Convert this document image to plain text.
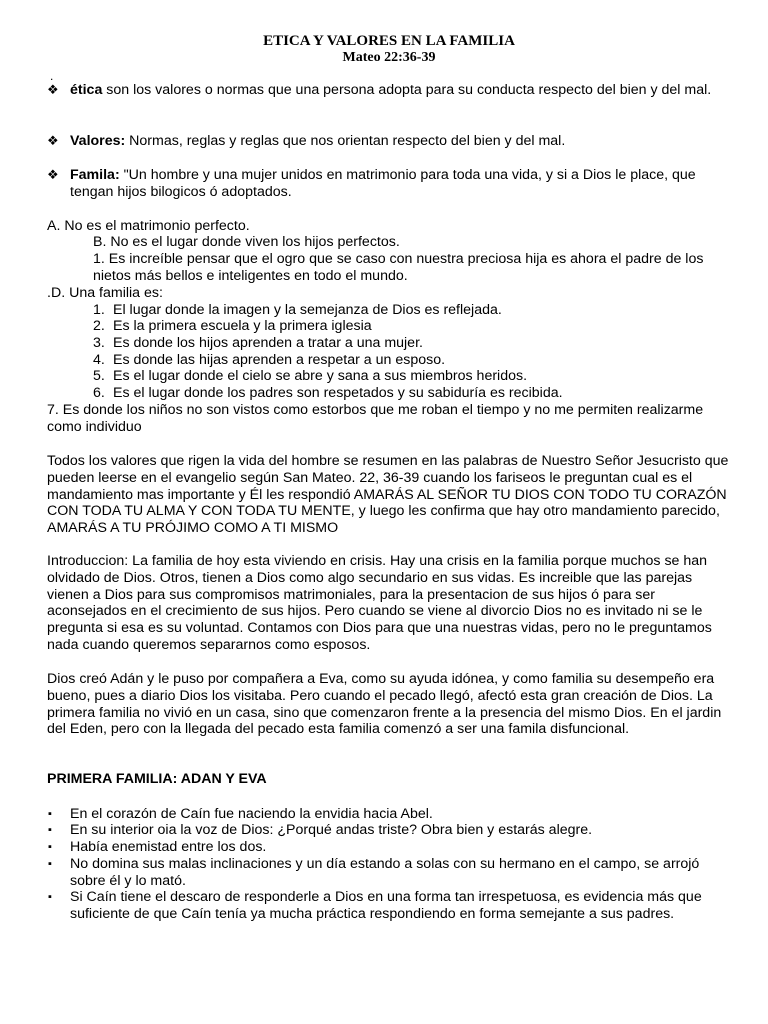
ETICA Y VALORES EN LA FAMILIA
Mateo 22:36-39
.
❖ ética son los valores o normas que una persona adopta para su conducta respecto del bien y del mal.
❖ Valores: Normas, reglas y reglas que nos orientan respecto del bien y del mal.
❖ Famila: "Un hombre y una mujer unidos en matrimonio para toda una vida, y si a Dios le place, que tengan hijos bilogicos ó adoptados.
A. No es el matrimonio perfecto.
B. No es el lugar donde viven los hijos perfectos.
1. Es increíble pensar que el ogro que se caso con nuestra preciosa hija es ahora el padre de los nietos más bellos e inteligentes en todo el mundo.
.D. Una familia es:
1. El lugar donde la imagen y la semejanza de Dios es reflejada.
2. Es la primera escuela y la primera iglesia
3. Es donde los hijos aprenden a tratar a una mujer.
4. Es donde las hijas aprenden a respetar a un esposo.
5. Es el lugar donde el cielo se abre y sana a sus miembros heridos.
6. Es el lugar donde los padres son respetados y su sabiduría es recibida.
7. Es donde los niños no son vistos como estorbos que me roban el tiempo y no me permiten realizarme como individuo
Todos los valores que rigen la vida del hombre se resumen en las palabras de Nuestro Señor Jesucristo que pueden leerse en el evangelio según San Mateo. 22, 36-39 cuando los fariseos le preguntan cual es el mandamiento mas importante y Él les respondió AMARÁS AL SEÑOR TU DIOS CON TODO TU CORAZÓN CON TODA TU ALMA Y CON TODA TU MENTE, y luego les confirma que hay otro mandamiento parecido, AMARÁS A TU PRÓJIMO COMO A TI MISMO
Introduccion: La familia de hoy esta viviendo en crisis. Hay una crisis en la familia porque muchos se han olvidado de Dios. Otros, tienen a Dios como algo secundario en sus vidas. Es increible que las parejas vienen a Dios para sus compromisos matrimoniales, para la presentacion de sus hijos ó para ser aconsejados en el crecimiento de sus hijos. Pero cuando se viene al divorcio Dios no es invitado ni se le pregunta si esa es su voluntad. Contamos con Dios para que una nuestras vidas, pero no le preguntamos nada cuando queremos separarnos como esposos.
Dios creó Adán y le puso por compañera a Eva, como su ayuda idónea, y como familia su desempeño era bueno, pues a diario Dios los visitaba. Pero cuando el pecado llegó, afectó esta gran creación de Dios. La primera familia no vivió en un casa, sino que comenzaron frente a la presencia del mismo Dios. En el jardin del Eden, pero con la llegada del pecado esta familia comenzó a ser una famila disfuncional.
PRIMERA FAMILIA: ADAN Y EVA
▪ En el corazón de Caín fue naciendo la envidia hacia Abel.
▪ En su interior oia la voz de Dios: ¿Porqué andas triste? Obra bien y estarás alegre.
▪ Había enemistad entre los dos.
▪ No domina sus malas inclinaciones y un día estando a solas con su hermano en el campo, se arrojó sobre él y lo mató.
▪ Si Caín tiene el descaro de responderle a Dios en una forma tan irrespetuosa, es evidencia más que suficiente de que Caín tenía ya mucha práctica respondiendo en forma semejante a sus padres.
